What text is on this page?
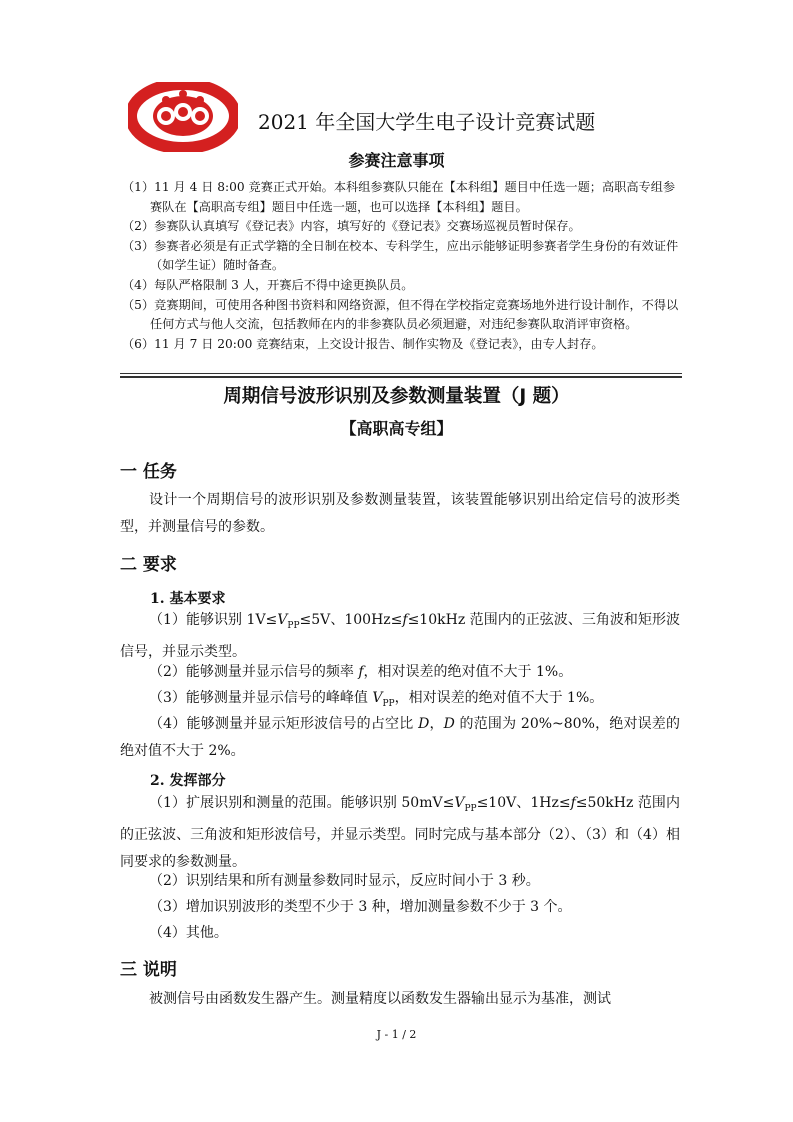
2021 年全国大学生电子设计竞赛试题
参赛注意事项
（1）11 月 4 日 8:00 竞赛正式开始。本科组参赛队只能在【本科组】题目中任选一题；高职高专组参赛队在【高职高专组】题目中任选一题，也可以选择【本科组】题目。
（2）参赛队认真填写《登记表》内容，填写好的《登记表》交赛场巡视员暂时保存。
（3）参赛者必须是有正式学籍的全日制在校本、专科学生，应出示能够证明参赛者学生身份的有效证件（如学生证）随时备查。
（4）每队严格限制 3 人，开赛后不得中途更换队员。
（5）竞赛期间，可使用各种图书资料和网络资源，但不得在学校指定竞赛场地外进行设计制作，不得以任何方式与他人交流，包括教师在内的非参赛队员必须迴避，对违纪参赛队取消评审资格。
（6）11 月 7 日 20:00 竞赛结束，上交设计报告、制作实物及《登记表》，由专人封存。
周期信号波形识别及参数测量装置（J 题）
【高职高专组】
一 任务
设计一个周期信号的波形识别及参数测量装置，该装置能够识别出给定信号的波形类型，并测量信号的参数。
二 要求
1. 基本要求
（1）能够识别 $1V\le V_{PP}\le 5V$、100Hz≤f≤10kHz 范围内的正弦波、三角波和矩形波信号，并显示类型。
（2）能够测量并显示信号的频率 f，相对误差的绝对值不大于 1%。
（3）能够测量并显示信号的峰峰值 $V_{PP}$，相对误差的绝对值不大于 1%。
（4）能够测量并显示矩形波信号的占空比 D，D 的范围为 20%~80%，绝对误差的绝对值不大于 2%。
2. 发挥部分
（1）扩展识别和测量的范围。能够识别 $50mV\le V_{PP}\le 10V$、1Hz≤f≤50kHz 范围内的正弦波、三角波和矩形波信号，并显示类型。同时完成与基本部分（2）、（3）和（4）相同要求的参数测量。
（2）识别结果和所有测量参数同时显示，反应时间小于 3 秒。
（3）增加识别波形的类型不少于 3 种，增加测量参数不少于 3 个。
（4）其他。
三 说明
被测信号由函数发生器产生。测量精度以函数发生器输出显示为基准，测试
J - 1 / 2
